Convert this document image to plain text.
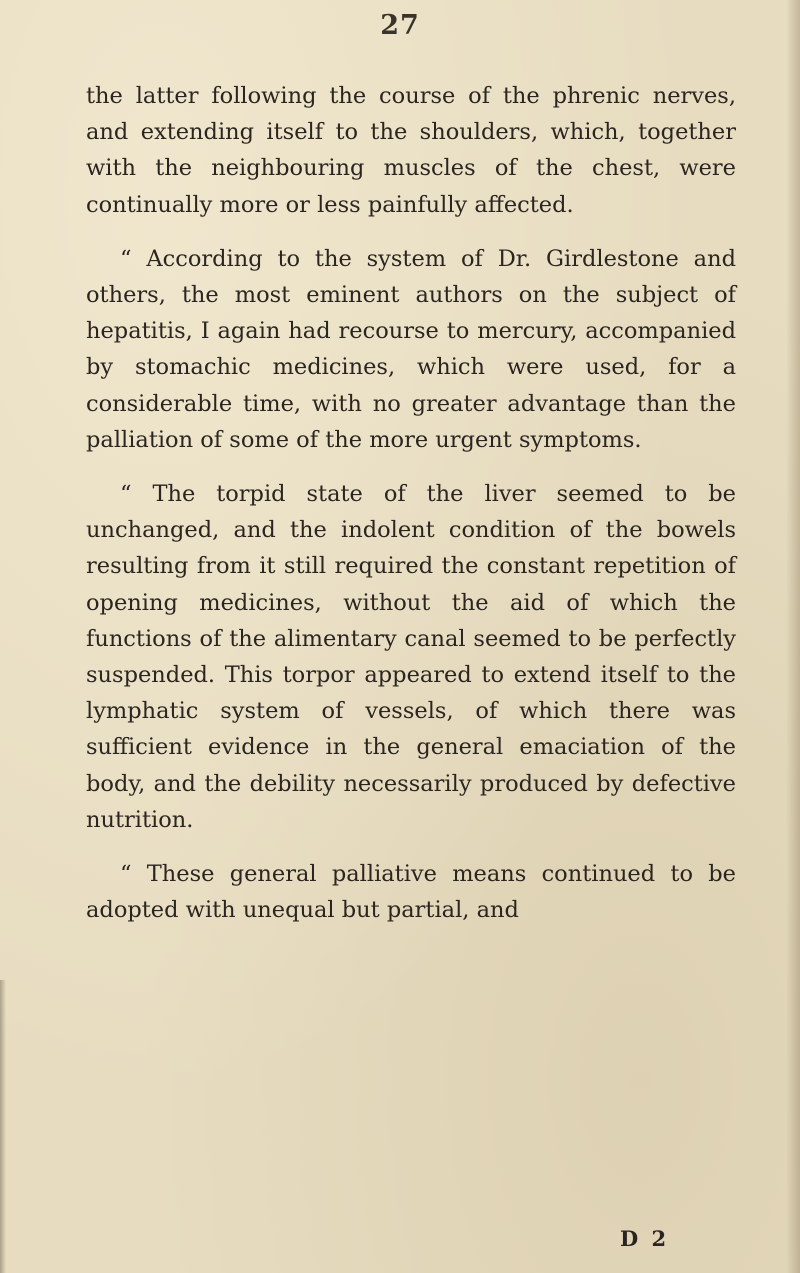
27

the latter following the course of the phrenic nerves, and extending itself to the shoulders, which, together with the neighbouring muscles of the chest, were continually more or less painfully affected.

“ According to the system of Dr. Girdlestone and others, the most eminent authors on the subject of hepatitis, I again had recourse to mercury, accompanied by stomachic medicines, which were used, for a considerable time, with no greater advantage than the palliation of some of the more urgent symptoms.

“ The torpid state of the liver seemed to be unchanged, and the indolent condition of the bowels resulting from it still required the constant repetition of opening medicines, without the aid of which the functions of the alimentary canal seemed to be perfectly suspended. This torpor appeared to extend itself to the lymphatic system of vessels, of which there was sufficient evidence in the general emaciation of the body, and the debility necessarily produced by defective nutrition.

“ These general palliative means continued to be adopted with unequal but partial, and

D 2
